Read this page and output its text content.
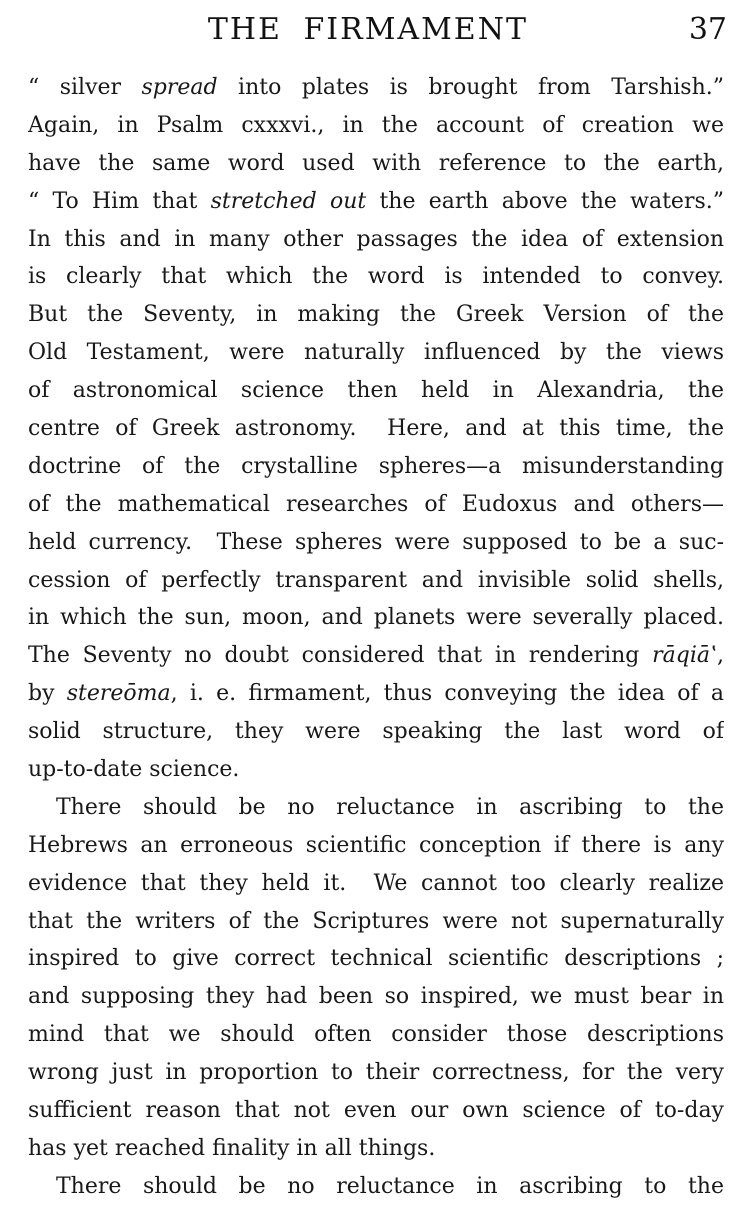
THE FIRMAMENT	37
“ silver spread into plates is brought from Tarshish.”
Again, in Psalm cxxxvi., in the account of creation we
have the same word used with reference to the earth,
“ To Him that stretched out the earth above the waters.”
In this and in many other passages the idea of extension
is clearly that which the word is intended to convey.
But the Seventy, in making the Greek Version of the
Old Testament, were naturally influenced by the views
of astronomical science then held in Alexandria, the
centre of Greek astronomy.  Here, and at this time, the
doctrine of the crystalline spheres—a misunderstanding
of the mathematical researches of Eudoxus and others—
held currency.  These spheres were supposed to be a suc-
cession of perfectly transparent and invisible solid shells,
in which the sun, moon, and planets were severally placed.
The Seventy no doubt considered that in rendering rāqiāʽ,
by stereōma, i. e. firmament, thus conveying the idea of a
solid structure, they were speaking the last word of
up-to-date science.
There should be no reluctance in ascribing to the
Hebrews an erroneous scientific conception if there is any
evidence that they held it.  We cannot too clearly realize
that the writers of the Scriptures were not supernaturally
inspired to give correct technical scientific descriptions ;
and supposing they had been so inspired, we must bear in
mind that we should often consider those descriptions
wrong just in proportion to their correctness, for the very
sufficient reason that not even our own science of to-day
has yet reached finality in all things.
There should be no reluctance in ascribing to the
